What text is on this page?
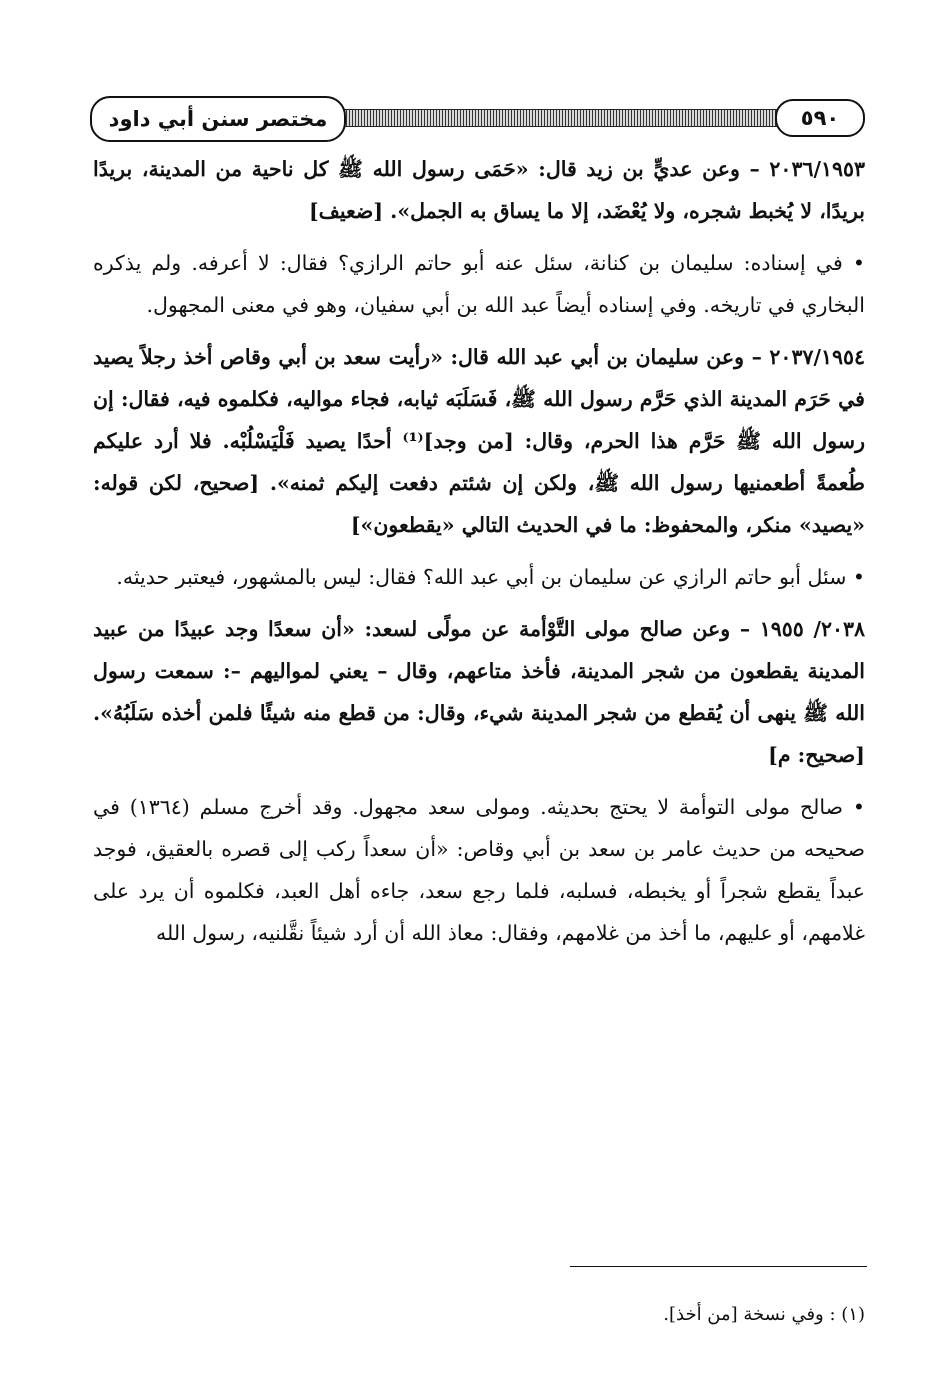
مختصر سنن أبي داود	٥٩٠

٢٠٣٦/١٩٥٣ – وعن عديٍّ بن زيد قال: «حَمَى رسول الله ﷺ كل ناحية من المدينة، بريدًا بريدًا، لا يُخبط شجره، ولا يُعْضَد، إلا ما يساق به الجمل». [ضعيف]

• في إسناده: سليمان بن كنانة، سئل عنه أبو حاتم الرازي؟ فقال: لا أعرفه. ولم يذكره البخاري في تاريخه. وفي إسناده أيضاً عبد الله بن أبي سفيان، وهو في معنى المجهول.

٢٠٣٧/١٩٥٤ – وعن سليمان بن أبي عبد الله قال: «رأيت سعد بن أبي وقاص أخذ رجلاً يصيد في حَرَم المدينة الذي حَرَّم رسول الله ﷺ، فَسَلَبَه ثيابه، فجاء مواليه، فكلموه فيه، فقال: إن رسول الله ﷺ حَرَّم هذا الحرم، وقال: [من وجد]⁽¹⁾ أحدًا يصيد فَلْيَسْلُبْه. فلا أرد عليكم طُعمةً أطعمنيها رسول الله ﷺ، ولكن إن شئتم دفعت إليكم ثمنه». [صحيح، لكن قوله: «يصيد» منكر، والمحفوظ: ما في الحديث التالي «يقطعون»]

• سئل أبو حاتم الرازي عن سليمان بن أبي عبد الله؟ فقال: ليس بالمشهور، فيعتبر حديثه.

٢٠٣٨/ ١٩٥٥ – وعن صالح مولى التَّوْأمة عن مولًى لسعد: «أن سعدًا وجد عبيدًا من عبيد المدينة يقطعون من شجر المدينة، فأخذ متاعهم، وقال – يعني لمواليهم –: سمعت رسول الله ﷺ ينهى أن يُقطع من شجر المدينة شيء، وقال: من قطع منه شيئًا فلمن أخذه سَلَبُهُ». [صحيح: م]

• صالح مولى التوأمة لا يحتج بحديثه. ومولى سعد مجهول. وقد أخرج مسلم (١٣٦٤) في صحيحه من حديث عامر بن سعد بن أبي وقاص: «أن سعداً ركب إلى قصره بالعقيق، فوجد عبداً يقطع شجراً أو يخبطه، فسلبه، فلما رجع سعد، جاءه أهل العبد، فكلموه أن يرد على غلامهم، أو عليهم، ما أخذ من غلامهم، وفقال: معاذ الله أن أرد شيئاً نقَّلنيه، رسول الله

(١) : وفي نسخة [من أخذ].
